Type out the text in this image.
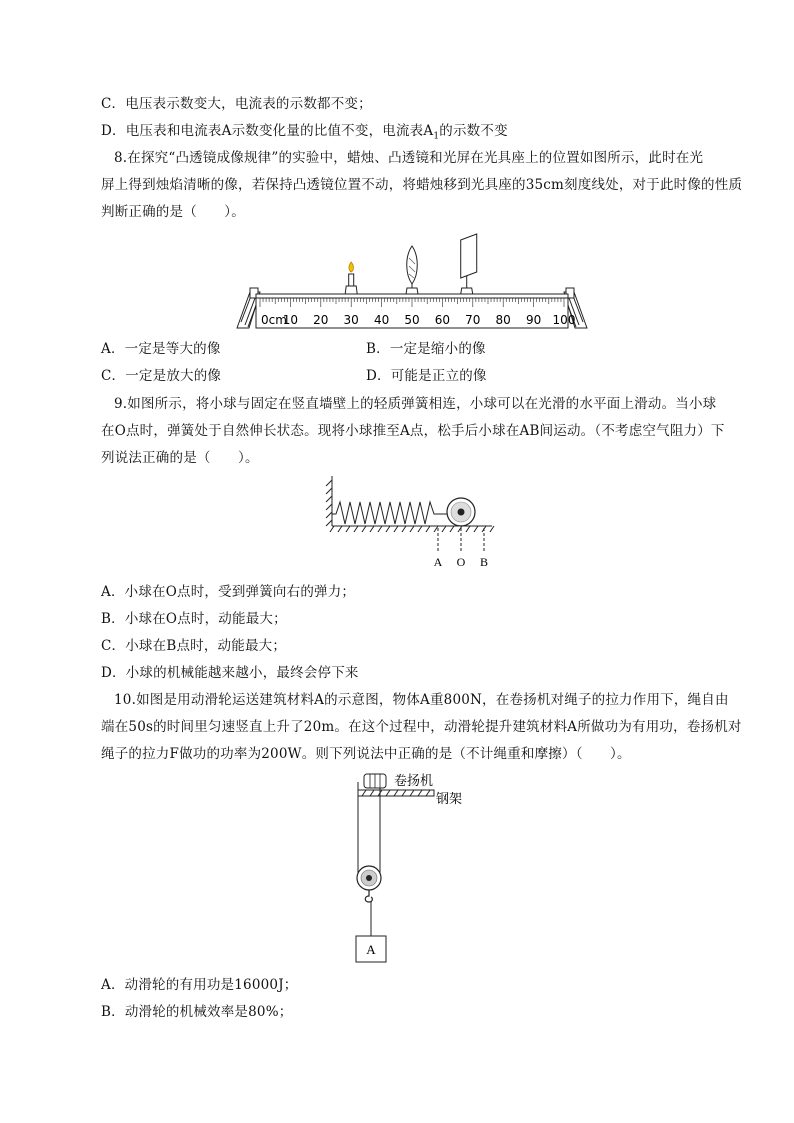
C．电压表示数变大，电流表的示数都不变；
D．电压表和电流表A示数变化量的比值不变，电流表$A_1$的示数不变
8.在探究“凸透镜成像规律”的实验中，蜡烛、凸透镜和光屏在光具座上的位置如图所示，此时在光
屏上得到烛焰清晰的像，若保持凸透镜位置不动，将蜡烛移到光具座的35cm刻度线处，对于此时像的性质
判断正确的是（　　）。
0cm
10 20 30 40 50 60 70 80 90 100
A．一定是等大的像	B．一定是缩小的像
C．一定是放大的像	D．可能是正立的像
9.如图所示，将小球与固定在竖直墙壁上的轻质弹簧相连，小球可以在光滑的水平面上滑动。当小球
在O点时，弹簧处于自然伸长状态。现将小球推至A点，松手后小球在AB间运动。（不考虑空气阻力）下
列说法正确的是（　　）。
A O B
A．小球在O点时，受到弹簧向右的弹力；
B．小球在O点时，动能最大；
C．小球在B点时，动能最大；
D．小球的机械能越来越小，最终会停下来
10.如图是用动滑轮运送建筑材料A的示意图，物体A重800N，在卷扬机对绳子的拉力作用下，绳自由
端在50s的时间里匀速竖直上升了20m。在这个过程中，动滑轮提升建筑材料A所做功为有用功，卷扬机对
绳子的拉力F做功的功率为200W。则下列说法中正确的是（不计绳重和摩擦）（　　）。
卷扬机
钢架
A
A．动滑轮的有用功是16000J；
B．动滑轮的机械效率是80%；
